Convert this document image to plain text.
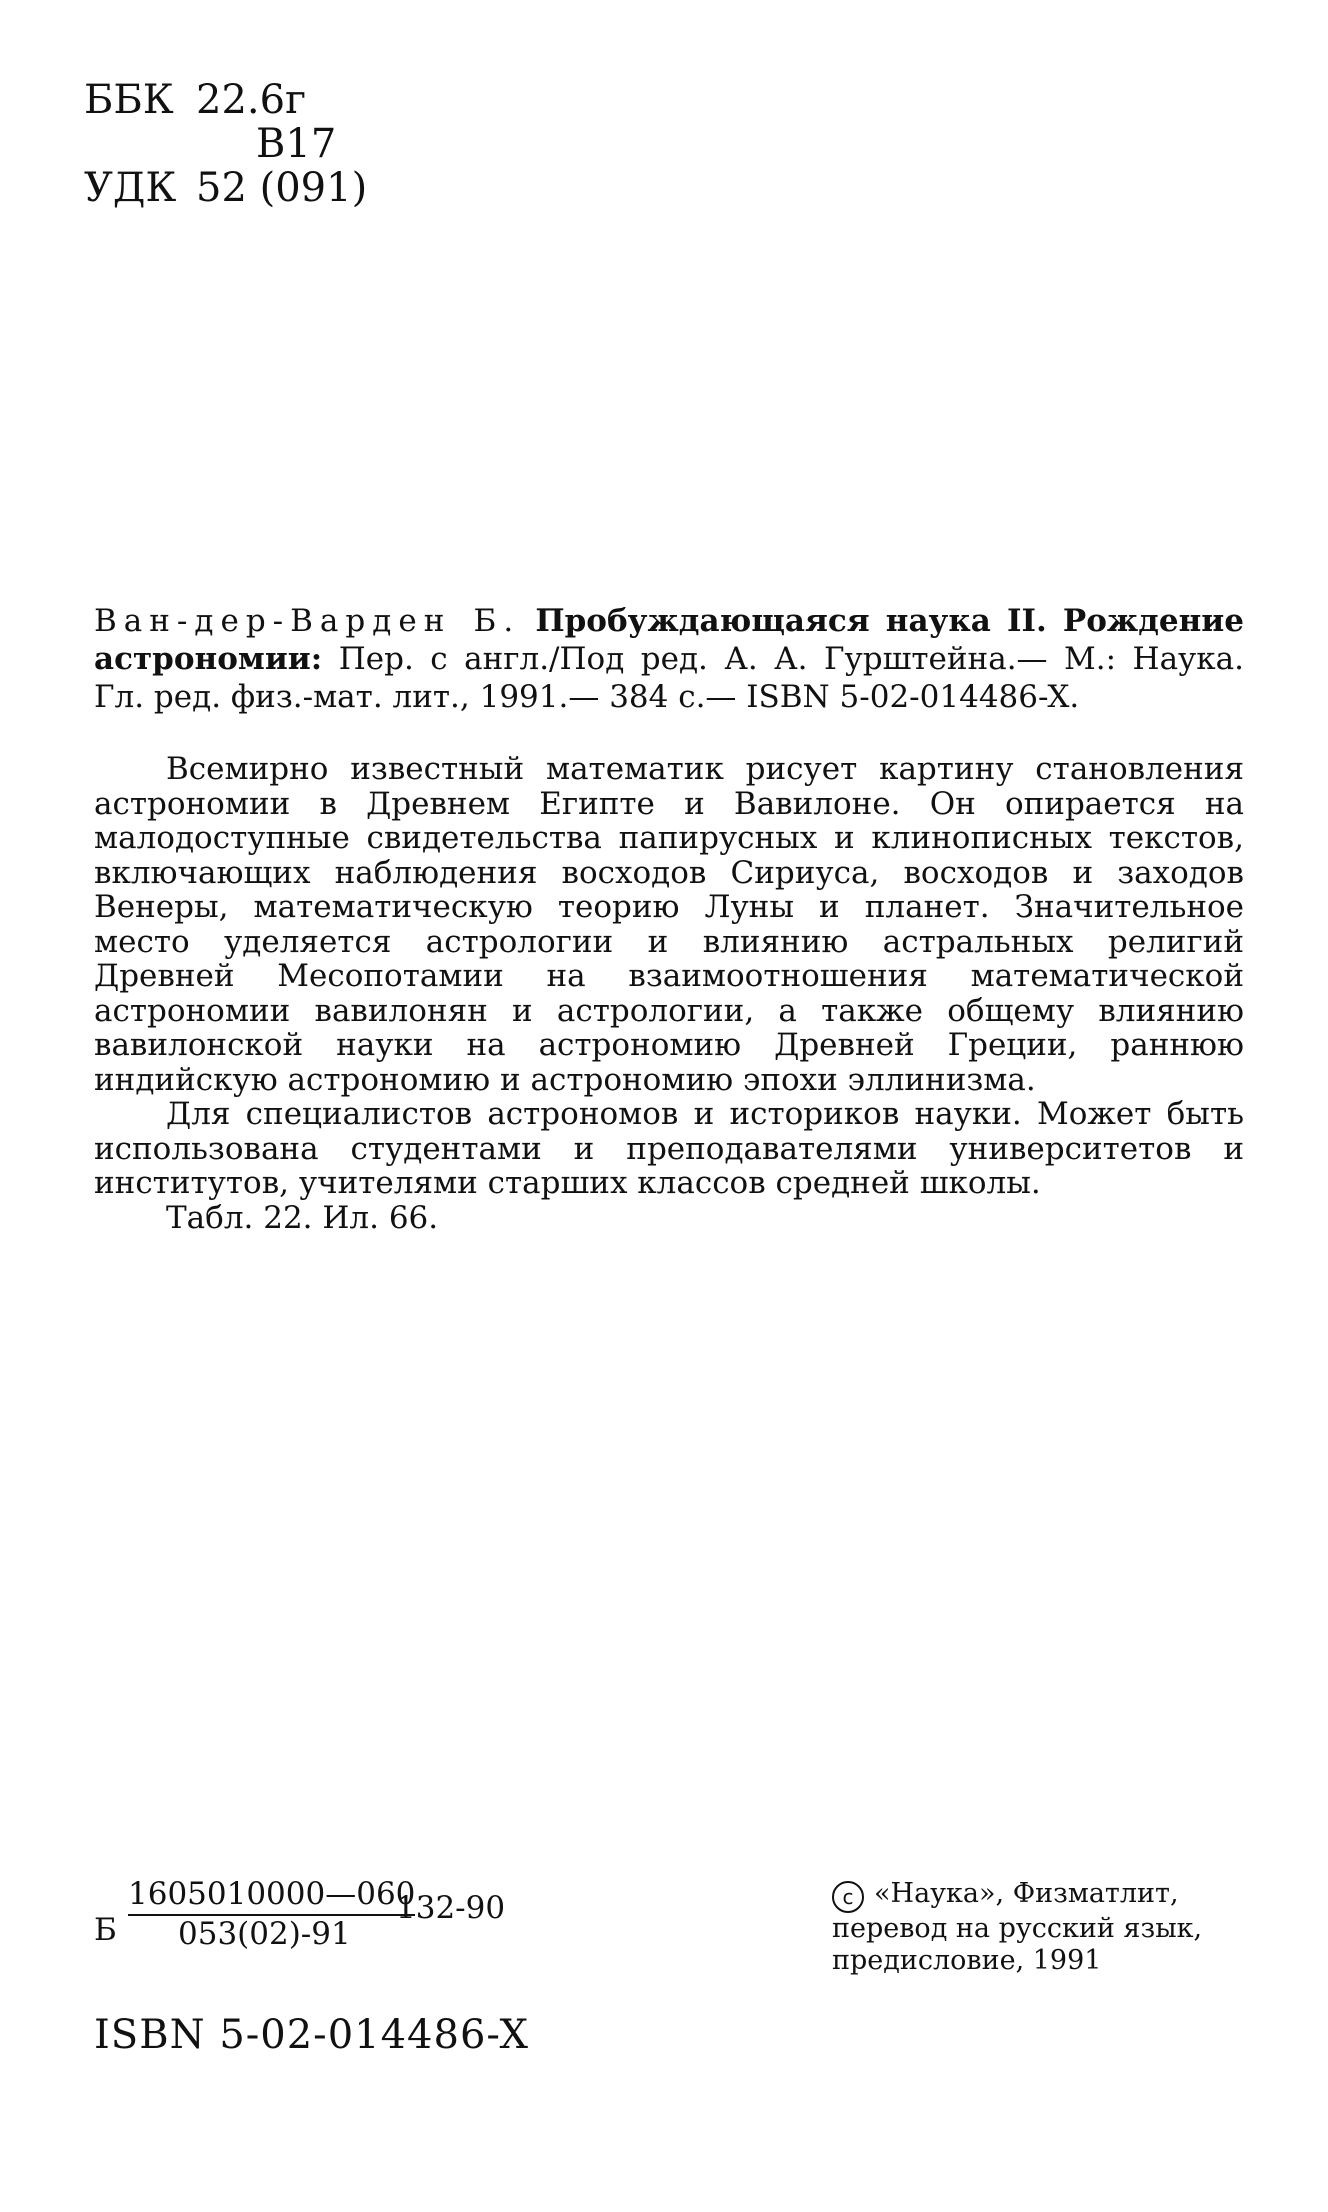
ББК 22.6г
В17
УДК 52 (091)
Ван-дер-Варден Б. Пробуждающаяся наука II. Рождение астрономии: Пер. с англ./Под ред. А. А. Гурштейна.— М.: Наука. Гл. ред. физ.-мат. лит., 1991.— 384 с.— ISBN 5-02-014486-X.

Всемирно известный математик рисует картину становления астрономии в Древнем Египте и Вавилоне. Он опирается на малодоступные свидетельства папирусных и клинописных текстов, включающих наблюдения восходов Сириуса, восходов и заходов Венеры, математическую теорию Луны и планет. Значительное место уделяется астрологии и влиянию астральных религий Древней Месопотамии на взаимоотношения математической астрономии вавилонян и астрологии, а также общему влиянию вавилонской науки на астрономию Древней Греции, раннюю индийскую астрономию и астрономию эпохи эллинизма.

Для специалистов астрономов и историков науки. Может быть использована студентами и преподавателями университетов и институтов, учителями старших классов средней школы.

Табл. 22. Ил. 66.

Б
1605010000—060
132-90
053(02)-91
c «Наука», Физматлит,
перевод на русский язык,
предисловие, 1991
ISBN 5-02-014486-X
